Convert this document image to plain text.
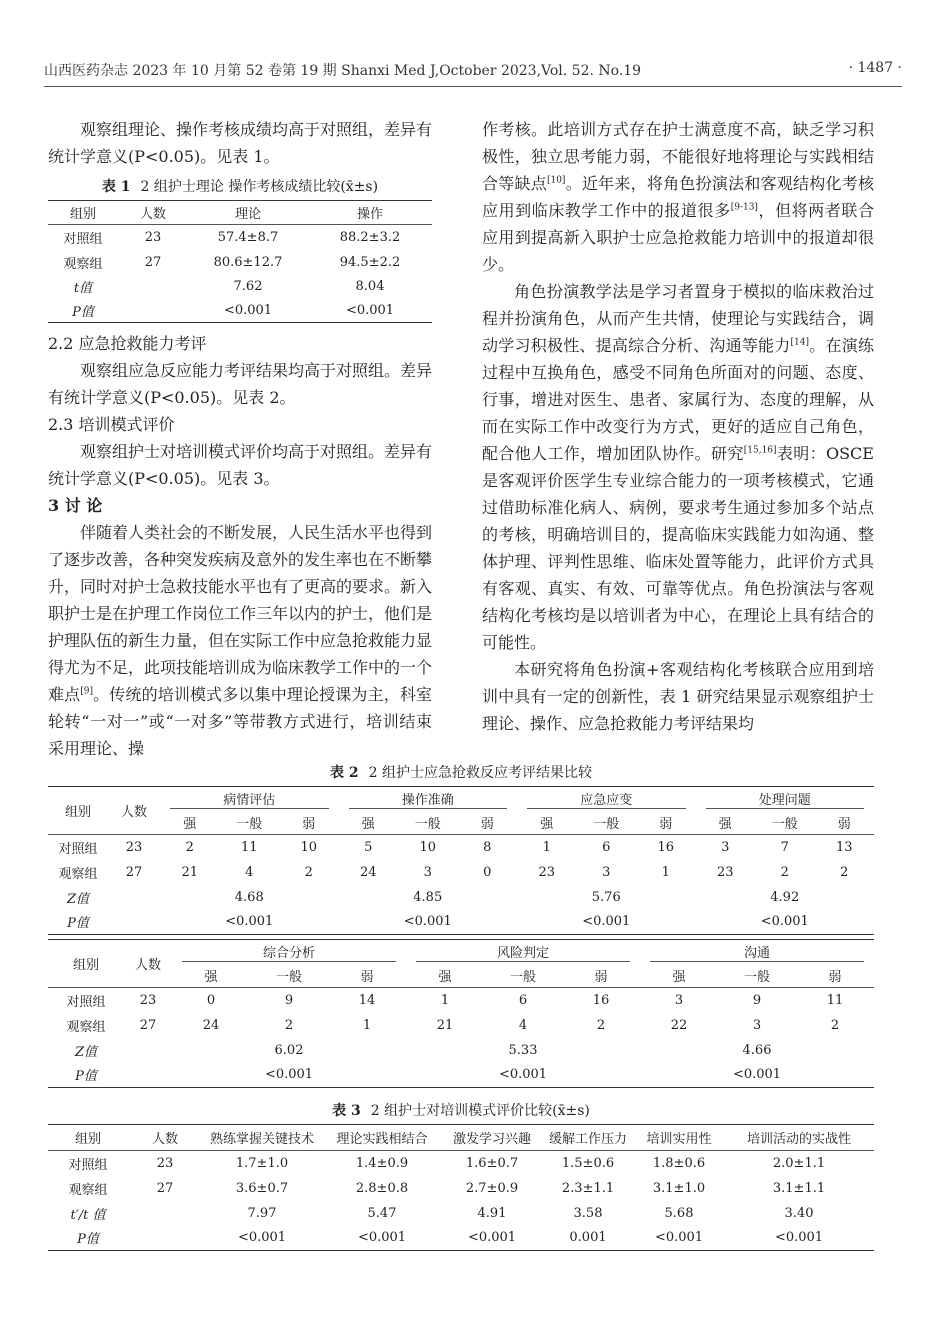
山西医药杂志 2023 年 10 月第 52 卷第 19 期 Shanxi Med J,October 2023,Vol. 52. No.19	· 1487 ·

观察组理论、操作考核成绩均高于对照组，差异有统计学意义(P<0.05)。见表 1。

表 1 2 组护士理论 操作考核成绩比较(x̄±s)
组别	人数	理论	操作
对照组	23	57.4±8.7	88.2±3.2
观察组	27	80.6±12.7	94.5±2.2
t值		7.62	8.04
P值		<0.001	<0.001
2.2 应急抢救能力考评

观察组应急反应能力考评结果均高于对照组。差异有统计学意义(P<0.05)。见表 2。

2.3 培训模式评价

观察组护士对培训模式评价均高于对照组。差异有统计学意义(P<0.05)。见表 3。

3 讨 论

伴随着人类社会的不断发展，人民生活水平也得到了逐步改善，各种突发疾病及意外的发生率也在不断攀升，同时对护士急救技能水平也有了更高的要求。新入职护士是在护理工作岗位工作三年以内的护士，他们是护理队伍的新生力量，但在实际工作中应急抢救能力显得尤为不足，此项技能培训成为临床教学工作中的一个难点[9]。传统的培训模式多以集中理论授课为主，科室轮转“一对一”或“一对多”等带教方式进行，培训结束采用理论、操

作考核。此培训方式存在护士满意度不高，缺乏学习积极性，独立思考能力弱，不能很好地将理论与实践相结合等缺点[10]。近年来，将角色扮演法和客观结构化考核应用到临床教学工作中的报道很多[9-13]，但将两者联合应用到提高新入职护士应急抢救能力培训中的报道却很少。

角色扮演教学法是学习者置身于模拟的临床救治过程并扮演角色，从而产生共情，使理论与实践结合，调动学习积极性、提高综合分析、沟通等能力[14]。在演练过程中互换角色，感受不同角色所面对的问题、态度、行事，增进对医生、患者、家属行为、态度的理解，从而在实际工作中改变行为方式，更好的适应自己角色，配合他人工作，增加团队协作。研究[15,16]表明：OSCE 是客观评价医学生专业综合能力的一项考核模式，它通过借助标准化病人、病例，要求考生通过参加多个站点的考核，明确培训目的，提高临床实践能力如沟通、整体护理、评判性思维、临床处置等能力，此评价方式具有客观、真实、有效、可靠等优点。角色扮演法与客观结构化考核均是以培训者为中心，在理论上具有结合的可能性。

本研究将角色扮演+客观结构化考核联合应用到培训中具有一定的创新性，表 1 研究结果显示观察组护士理论、操作、应急抢救能力考评结果均

表 2 2 组护士应急抢救反应考评结果比较
组别	人数	病情评估			操作准确			应急应变			处理问题		

		强	一般	弱	强	一般	弱	强	一般	弱	强	一般	弱
对照组	23	2	11	10	5	10	8	1	6	16	3	7	13
观察组	27	21	4	2	24	3	0	23	3	1	23	2	2
Z值		4.68			4.85			5.76			4.92		
P值		<0.001			<0.001			<0.001			<0.001		
组别	人数	综合分析			风险判定			沟通		

		强	一般	弱	强	一般	弱	强	一般	弱
对照组	23	0	9	14	1	6	16	3	9	11
观察组	27	24	2	1	21	4	2	22	3	2
Z值		6.02			5.33			4.66		
P值		<0.001			<0.001			<0.001		
表 3 2 组护士对培训模式评价比较(x̄±s)
组别	人数	熟练掌握关键技术	理论实践相结合	激发学习兴趣	缓解工作压力	培训实用性	培训活动的实战性
对照组	23	1.7±1.0	1.4±0.9	1.6±0.7	1.5±0.6	1.8±0.6	2.0±1.1
观察组	27	3.6±0.7	2.8±0.8	2.7±0.9	2.3±1.1	3.1±1.0	3.1±1.1
t′/t 值		7.97	5.47	4.91	3.58	5.68	3.40
P值		<0.001	<0.001	<0.001	0.001	<0.001	<0.001
